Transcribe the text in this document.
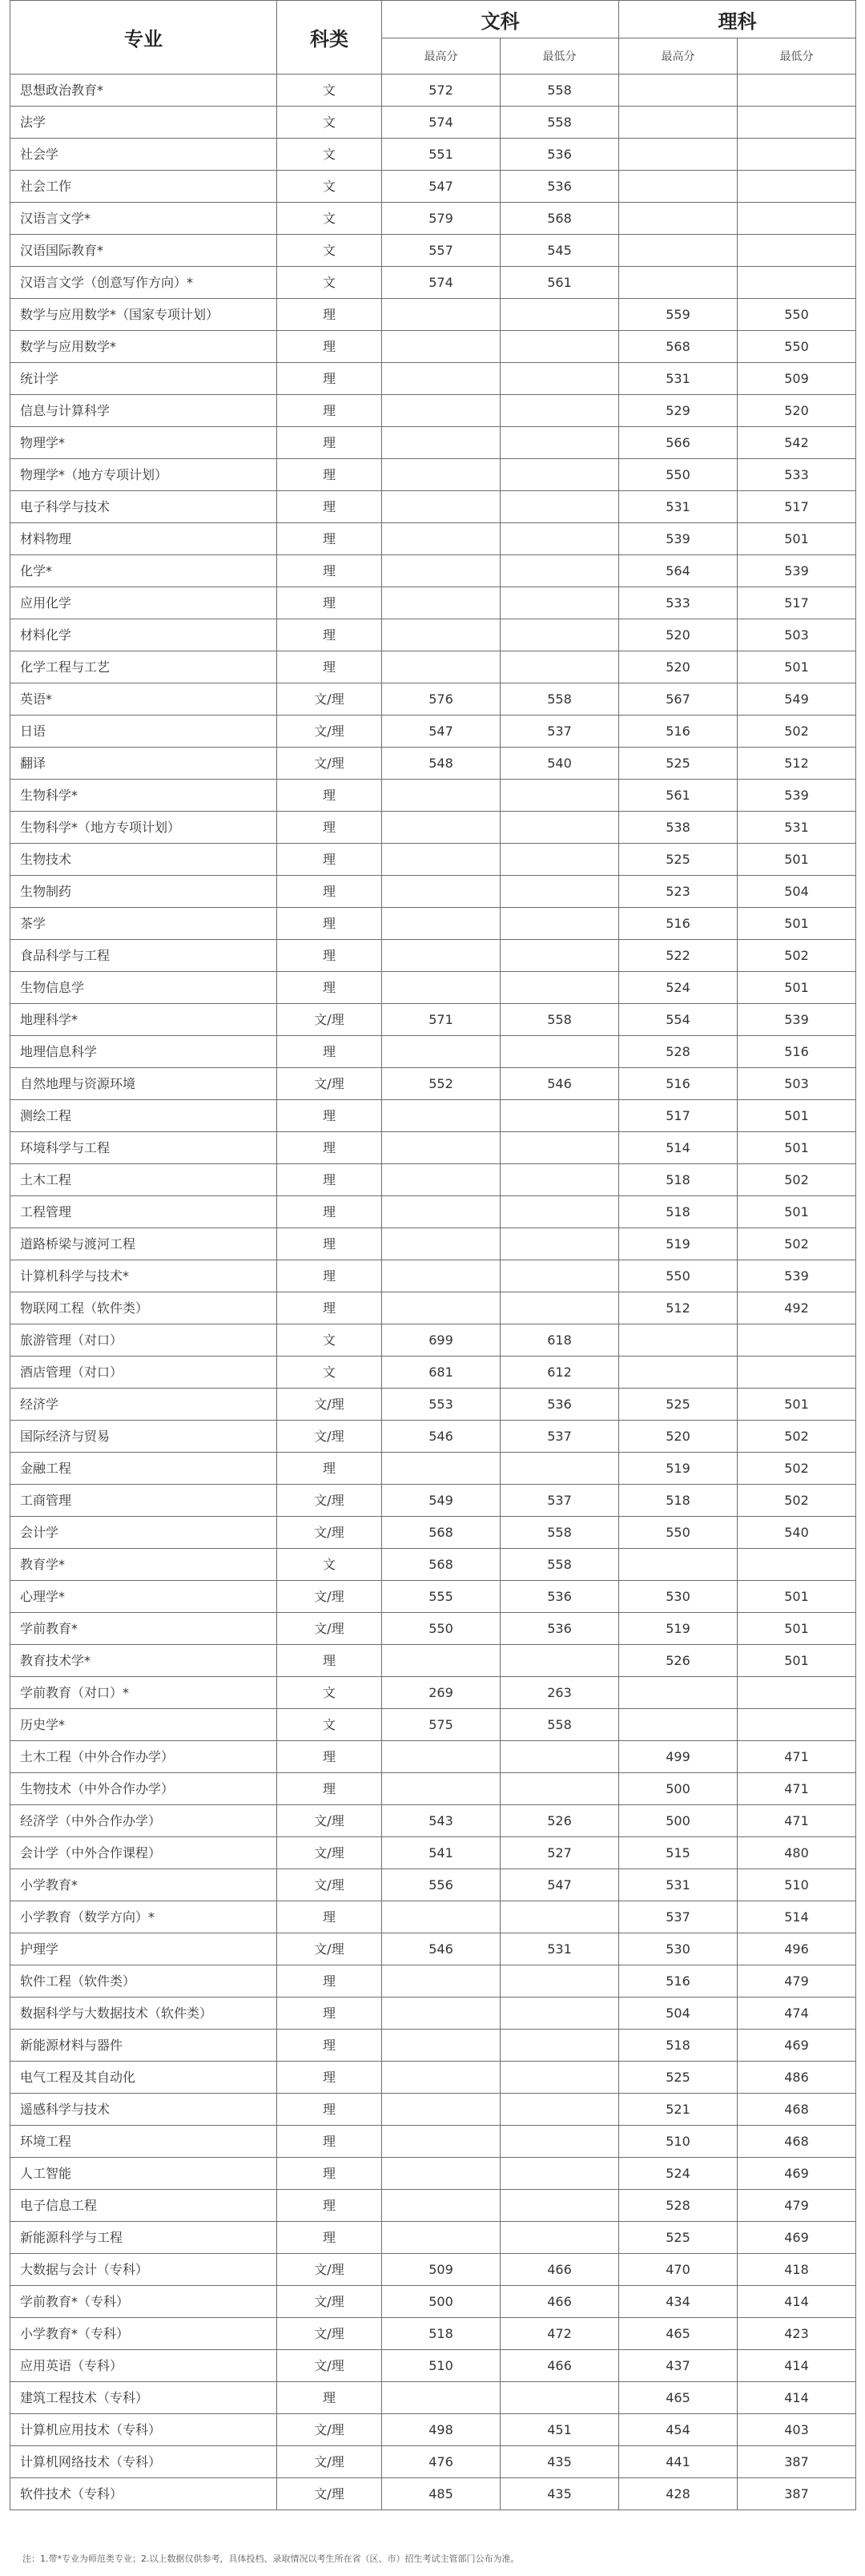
专业	科类	文科		理科	
		最高分	最低分	最高分	最低分
思想政治教育*	文	572	558		
法学	文	574	558		
社会学	文	551	536		
社会工作	文	547	536		
汉语言文学*	文	579	568		
汉语国际教育*	文	557	545		
汉语言文学（创意写作方向）*	文	574	561		
数学与应用数学*（国家专项计划）	理			559	550
数学与应用数学*	理			568	550
统计学	理			531	509
信息与计算科学	理			529	520
物理学*	理			566	542
物理学*（地方专项计划）	理			550	533
电子科学与技术	理			531	517
材料物理	理			539	501
化学*	理			564	539
应用化学	理			533	517
材料化学	理			520	503
化学工程与工艺	理			520	501
英语*	文/理	576	558	567	549
日语	文/理	547	537	516	502
翻译	文/理	548	540	525	512
生物科学*	理			561	539
生物科学*（地方专项计划）	理			538	531
生物技术	理			525	501
生物制药	理			523	504
茶学	理			516	501
食品科学与工程	理			522	502
生物信息学	理			524	501
地理科学*	文/理	571	558	554	539
地理信息科学	理			528	516
自然地理与资源环境	文/理	552	546	516	503
测绘工程	理			517	501
环境科学与工程	理			514	501
土木工程	理			518	502
工程管理	理			518	501
道路桥梁与渡河工程	理			519	502
计算机科学与技术*	理			550	539
物联网工程（软件类）	理			512	492
旅游管理（对口）	文	699	618		
酒店管理（对口）	文	681	612		
经济学	文/理	553	536	525	501
国际经济与贸易	文/理	546	537	520	502
金融工程	理			519	502
工商管理	文/理	549	537	518	502
会计学	文/理	568	558	550	540
教育学*	文	568	558		
心理学*	文/理	555	536	530	501
学前教育*	文/理	550	536	519	501
教育技术学*	理			526	501
学前教育（对口）*	文	269	263		
历史学*	文	575	558		
土木工程（中外合作办学）	理			499	471
生物技术（中外合作办学）	理			500	471
经济学（中外合作办学）	文/理	543	526	500	471
会计学（中外合作课程）	文/理	541	527	515	480
小学教育*	文/理	556	547	531	510
小学教育（数学方向）*	理			537	514
护理学	文/理	546	531	530	496
软件工程（软件类）	理			516	479
数据科学与大数据技术（软件类）	理			504	474
新能源材料与器件	理			518	469
电气工程及其自动化	理			525	486
遥感科学与技术	理			521	468
环境工程	理			510	468
人工智能	理			524	469
电子信息工程	理			528	479
新能源科学与工程	理			525	469
大数据与会计（专科）	文/理	509	466	470	418
学前教育*（专科）	文/理	500	466	434	414
小学教育*（专科）	文/理	518	472	465	423
应用英语（专科）	文/理	510	466	437	414
建筑工程技术（专科）	理			465	414
计算机应用技术（专科）	文/理	498	451	454	403
计算机网络技术（专科）	文/理	476	435	441	387
软件技术（专科）	文/理	485	435	428	387
注：1.带*专业为师范类专业；2.以上数据仅供参考，具体投档、录取情况以考生所在省（区、市）招生考试主管部门公布为准。
